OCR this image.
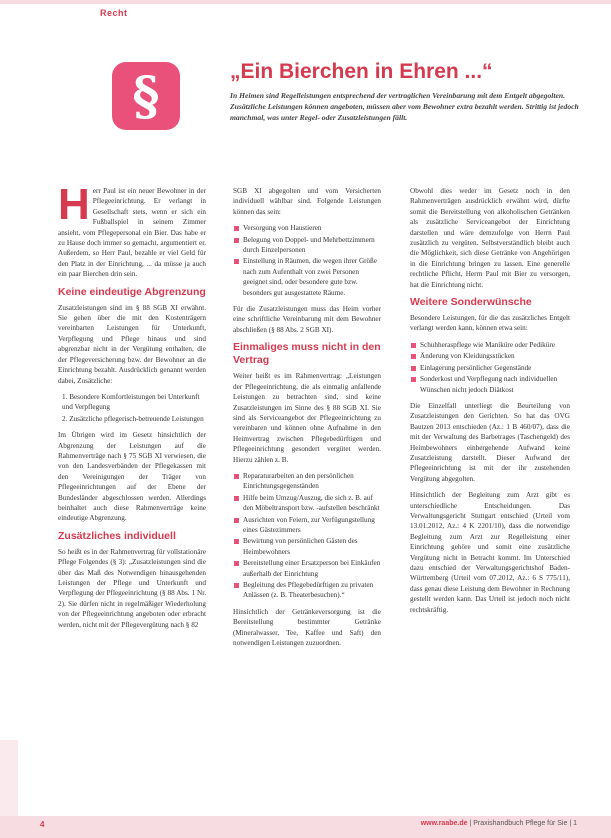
Recht
§	„Ein Bierchen in Ehren ...“
In Heimen sind Regelleistungen entsprechend der vertraglichen Vereinbarung mit dem Entgelt abgegolten. Zusätzliche Leistungen können angeboten, müssen aber vom Bewohner extra bezahlt werden. Strittig ist jedoch manchmal, was unter Regel- oder Zusatzleistungen fällt.

Herr Paul ist ein neuer Bewohner in der Pflegeeinrichtung. Er verlangt in Gesellschaft stets, wenn er sich ein Fußballspiel in seinem Zimmer ansieht, vom Pflegepersonal ein Bier. Das habe er zu Hause doch immer so gemacht, argumentiert er. Außerdem, so Herr Paul, bezahle er viel Geld für den Platz in der Einrichtung, ... da müsse ja auch ein paar Bierchen drin sein.

Keine eindeutige Abgrenzung

Zusatzleistungen sind im § 88 SGB XI erwähnt. Sie gehen über die mit den Kostenträgern vereinbarten Leistungen für Unterkunft, Verpflegung und Pflege hinaus und sind abgrenzbar nicht in der Vergütung enthalten, die der Pflegeversicherung bzw. der Bewohner an die Einrichtung bezahlt. Ausdrücklich genannt werden dabei, Zusätzliche:

1. Besondere Komfortleistungen bei Unterkunft und Verpflegung
2. Zusätzliche pflegerisch-betreuende Leistungen

Im Übrigen wird im Gesetz hinsichtlich der Abgrenzung der Leistungen auf die Rahmenverträge nach § 75 SGB XI verwiesen, die von den Landesverbänden der Pflegekassen mit den Vereinigungen der Träger von Pflegeeinrichtungen auf der Ebene der Bundesländer abgeschlossen werden. Allerdings beinhaltet auch diese Rahmenverträge keine eindeutige Abgrenzung.

Zusätzliches individuell

So heißt es in der Rahmenvertrag für vollstationäre Pflege Folgendes (§ 3): „Zusatzleistungen sind die über das Maß des Notwendigen hinausgehenden Leistungen der Pflege und Unterkunft und Verpflegung der Pflegeeinrichtung (§ 88 Abs. 1 Nr. 2). Sie dürfen nicht in regelmäßiger Wiederholung von der Pflegeeinrichtung angeboten oder erbracht werden, nicht mit der Pflegevergütung nach § 82

SGB XI abgegolten und vom Versicherten individuell wählbar sind. Folgende Leistungen können das sein:

Versorgung von Haustieren
Belegung von Doppel- und Mehrbettzimmern durch Einzelpersonen
Einstellung in Räumen, die wegen ihrer Größe nach zum Aufenthalt von zwei Personen geeignet sind, oder besondere gute bzw. besonders gut ausgestattete Räume.

Für die Zusatzleistungen muss das Heim vorher eine schriftliche Vereinbarung mit dem Bewohner abschließen (§ 88 Abs. 2 SGB XI).

Einmaliges muss nicht in den Vertrag

Weiter heißt es im Rahmenvertrag: „Leistungen der Pflegeeinrichtung, die als einmalig anfallende Leistungen zu betrachten sind, sind keine Zusatzleistungen im Sinne des § 88 SGB XI. Sie sind als Serviceangebot der Pflegeeinrichtung zu vereinbaren und können ohne Aufnahme in den Heimvertrag zwischen Pflegebedürftigen und Pflegeeinrichtung gesondert vergütet werden. Hierzu zählen z. B.

Reparaturarbeiten an den persönlichen Einrichtungsgegenständen
Hilfe beim Umzug/Auszug, die sich z. B. auf den Möbeltransport bzw. -aufstellen beschränkt
Ausrichten von Feiern, zur Verfügungstellung eines Gästezimmers
Bewirtung von persönlichen Gästen des Heimbewohners
Bereitstellung einer Ersatzperson bei Einkäufen außerhalb der Einrichtung
Begleitung des Pflegebedürftigen zu privaten Anlässen (z. B. Theaterbesuchen).“

Hinsichtlich der Getränkeversorgung ist die Bereitstellung bestimmter Getränke (Mineralwasser, Tee, Kaffee und Saft) den notwendigen Leistungen zuzuordnen.

Obwohl dies weder im Gesetz noch in den Rahmenverträgen ausdrücklich erwähnt wird, dürfte somit die Bereitstellung von alkoholischen Getränken als zusätzliche Serviceangebot der Einrichtung darstellen und wäre demzufolge von Herrn Paul zusätzlich zu vergüten. Selbstverständlich bleibt auch die Möglichkeit, sich diese Getränke von Angehörigen in die Einrichtung bringen zu lassen. Eine generelle rechtliche Pflicht, Herrn Paul mit Bier zu versorgen, hat die Einrichtung nicht.

Weitere Sonderwünsche

Besondere Leistungen, für die das zusätzliches Entgelt verlangt werden kann, können etwa sein:

Schuhheraspflege wie Maniküre oder Pediküre
Änderung von Kleidungsstücken
Einlagerung persönlicher Gegenstände
Sonderkost und Verpflegung nach individuellen Wünschen nicht jedoch Diätkost

Die Einzelfall unterliegt die Beurteilung von Zusatzleistungen den Gerichten. So hat das OVG Bautzen 2013 entschieden (Az.: 1 B 460/07), dass die mit der Verwaltung des Barbetrages (Taschengeld) des Heimbewohners einhergehende Aufwand keine Zusatzleistung darstellt. Dieser Aufwand der Pflegeeinrichtung ist mit der ihr zustehenden Vergütung abgegolten.

Hinsichtlich der Begleitung zum Arzt gibt es unterschiedliche Entscheidungen. Das Verwaltungsgericht Stuttgart entschied (Urteil vom 13.01.2012, Az.: 4 K 2201/10), dass die notwendige Begleitung zum Arzt zur Regelleistung einer Einrichtung gehöre und somit eine zusätzliche Vergütung nicht in Betracht kommt. Im Unterschied dazu entschied der Verwaltungsgerichtshof Baden-Württemberg (Urteil vom 07.2012, Az.: 6 S 775/11), dass genau diese Leistung dem Bewohner in Rechnung gestellt werden kann. Das Urteil ist jedoch noch nicht rechtskräftig.

4	www.raabe.de | Praxishandbuch Pflege für Sie | 1
